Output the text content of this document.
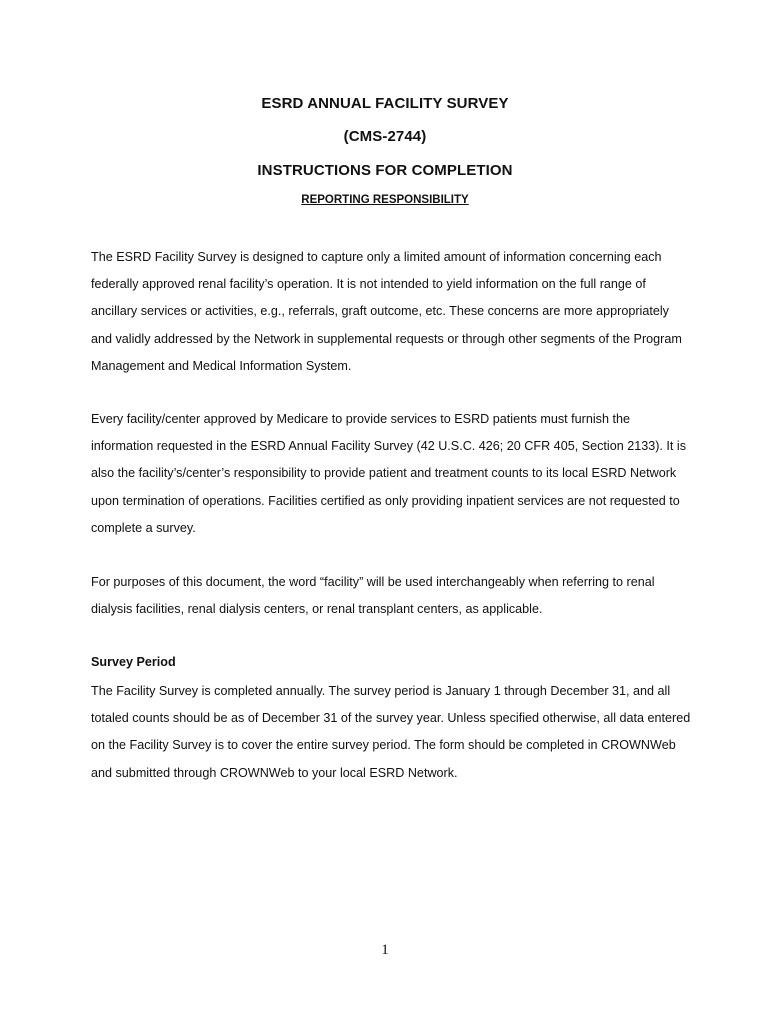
ESRD ANNUAL FACILITY SURVEY
(CMS-2744)
INSTRUCTIONS FOR COMPLETION
REPORTING RESPONSIBILITY

The ESRD Facility Survey is designed to capture only a limited amount of information concerning each federally approved renal facility’s operation. It is not intended to yield information on the full range of ancillary services or activities, e.g., referrals, graft outcome, etc. These concerns are more appropriately and validly addressed by the Network in supplemental requests or through other segments of the Program Management and Medical Information System.

Every facility/center approved by Medicare to provide services to ESRD patients must furnish the information requested in the ESRD Annual Facility Survey (42 U.S.C. 426; 20 CFR 405, Section 2133). It is also the facility’s/center’s responsibility to provide patient and treatment counts to its local ESRD Network upon termination of operations. Facilities certified as only providing inpatient services are not requested to complete a survey.

For purposes of this document, the word “facility” will be used interchangeably when referring to renal dialysis facilities, renal dialysis centers, or renal transplant centers, as applicable.

Survey Period

The Facility Survey is completed annually. The survey period is January 1 through December 31, and all totaled counts should be as of December 31 of the survey year. Unless specified otherwise, all data entered on the Facility Survey is to cover the entire survey period. The form should be completed in CROWNWeb and submitted through CROWNWeb to your local ESRD Network.

1
